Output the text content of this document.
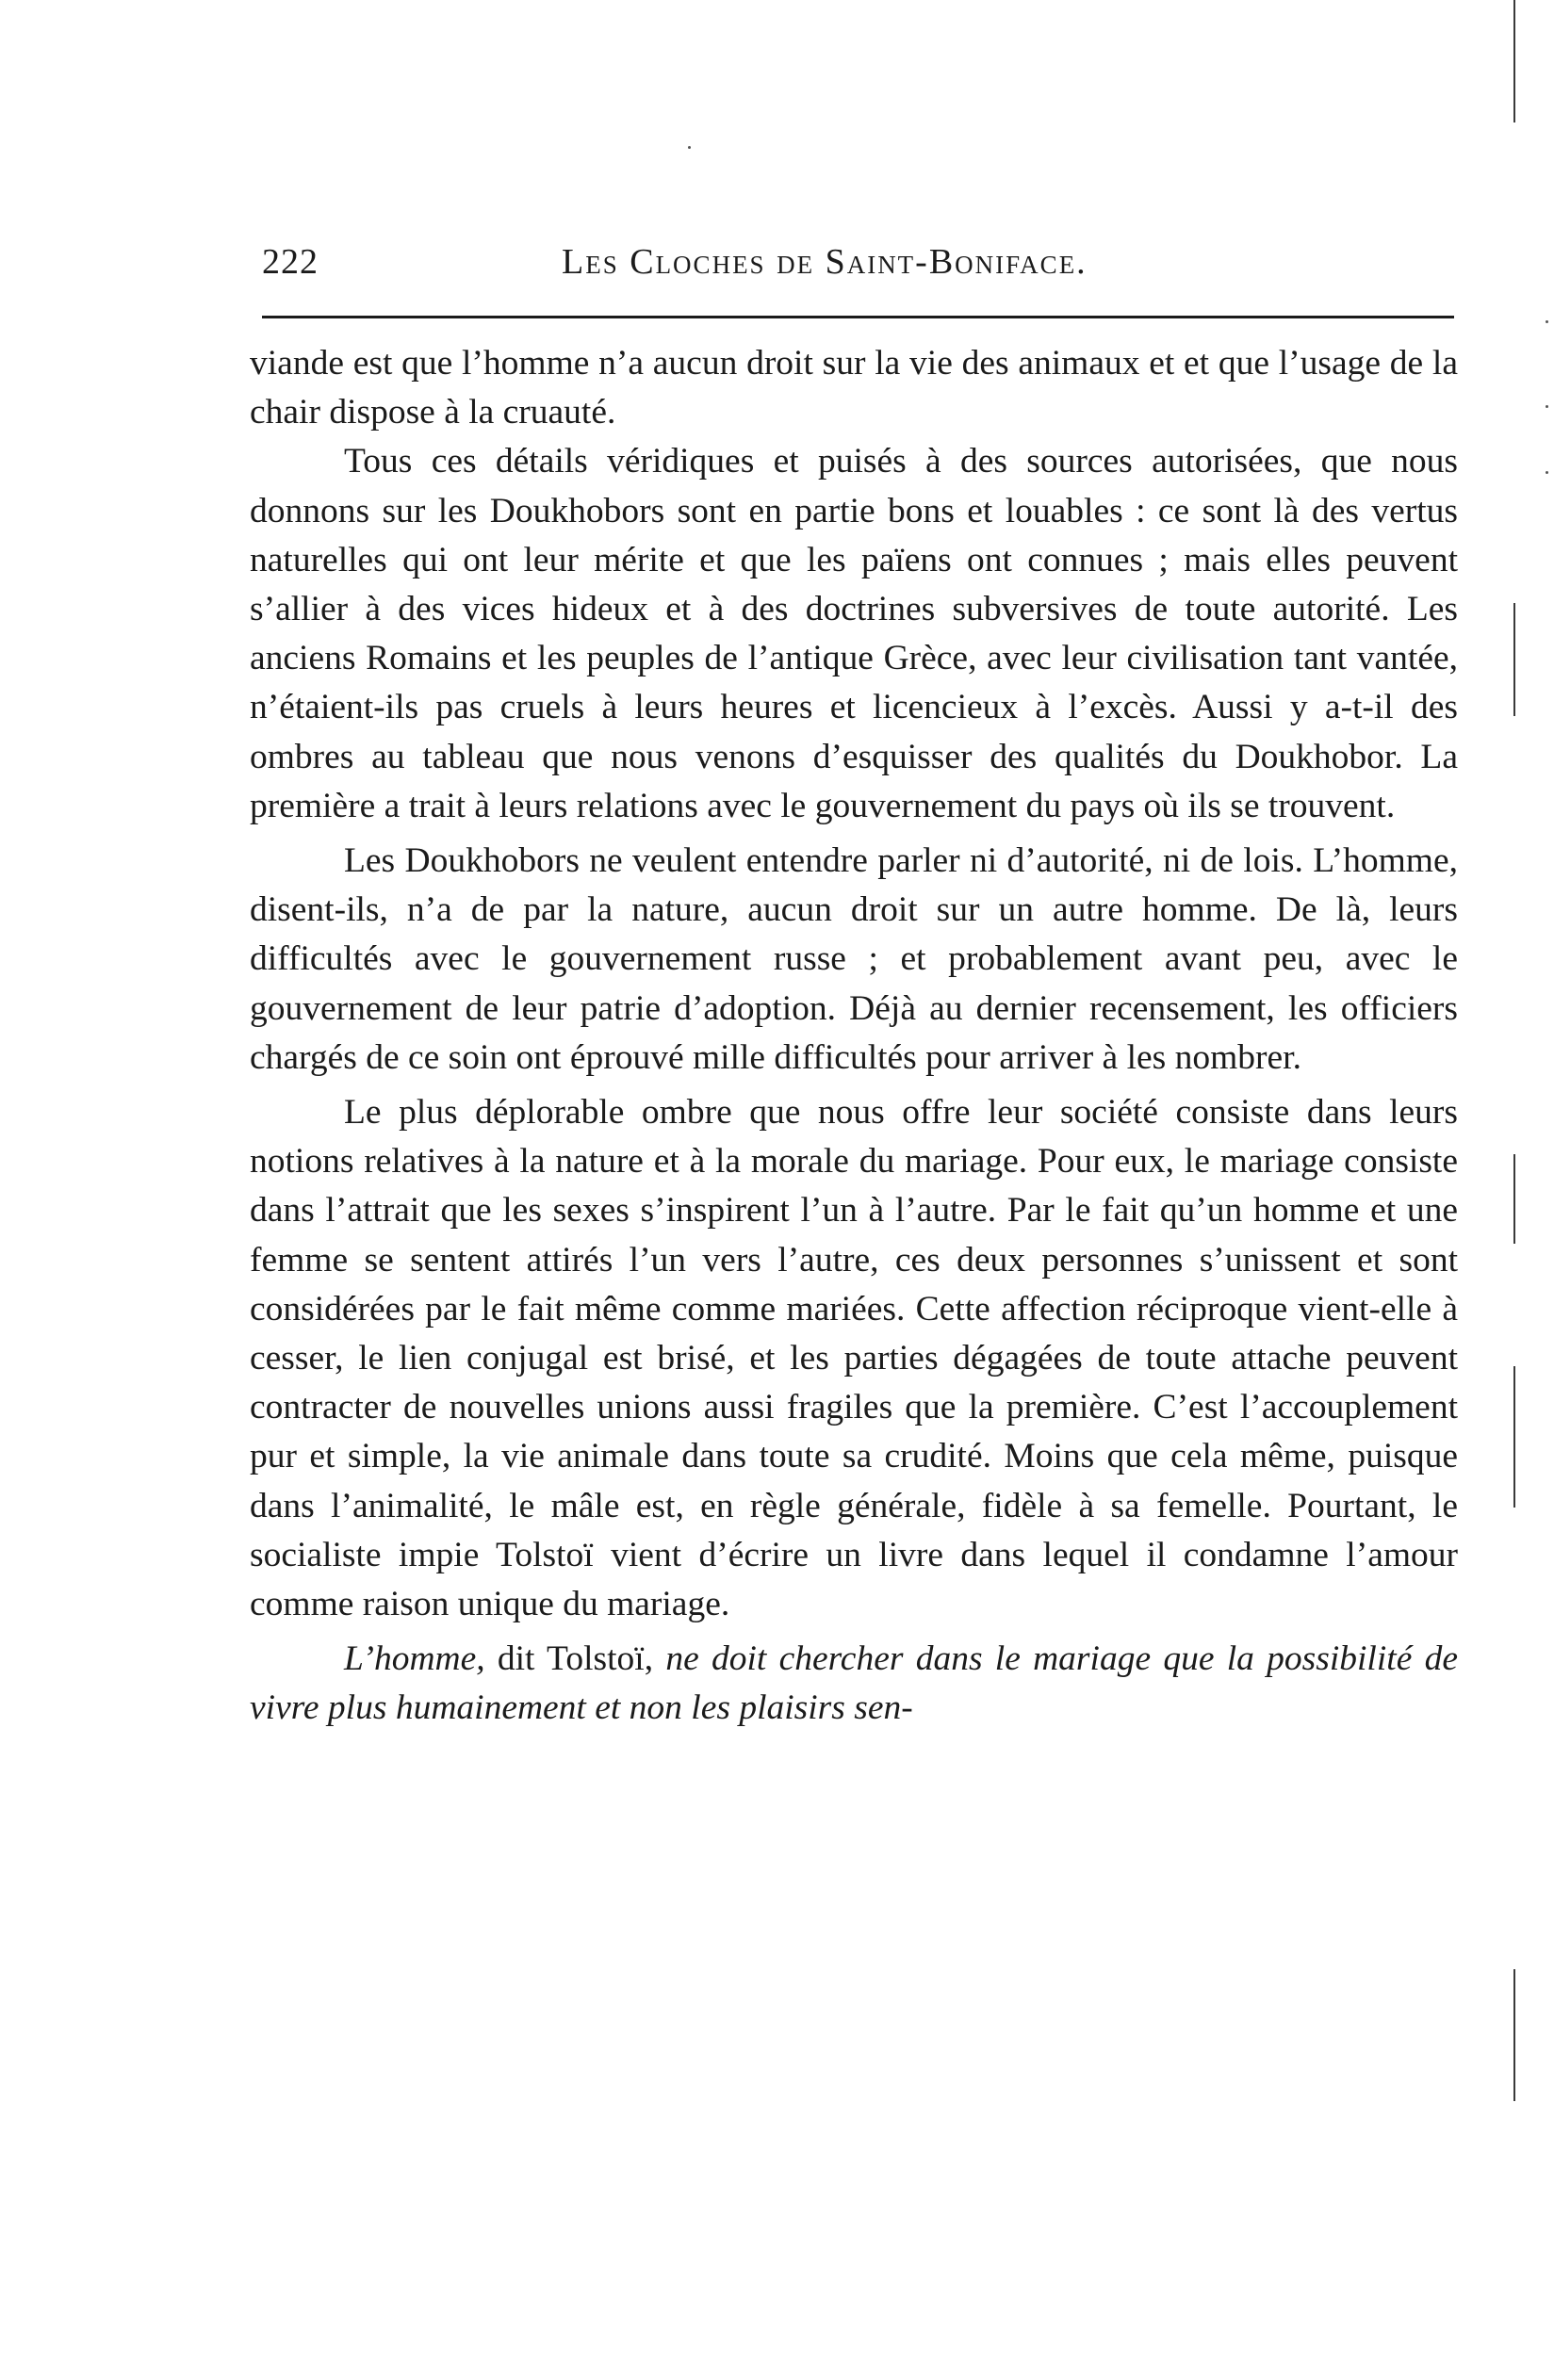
222	Les Cloches de Saint-Boniface.

viande est que l’homme n’a aucun droit sur la vie des animaux et et que l’usage de la chair dispose à la cruauté.

Tous ces détails véridiques et puisés à des sources autorisées, que nous donnons sur les Doukhobors sont en partie bons et louables : ce sont là des vertus naturelles qui ont leur mérite et que les païens ont connues ; mais elles peuvent s’allier à des vices hideux et à des doctrines subversives de toute autorité. Les anciens Romains et les peuples de l’antique Grèce, avec leur civilisation tant vantée, n’étaient-ils pas cruels à leurs heures et licencieux à l’excès. Aussi y a-t-il des ombres au tableau que nous venons d’esquisser des qualités du Doukhobor. La première a trait à leurs relations avec le gouvernement du pays où ils se trouvent.

Les Doukhobors ne veulent entendre parler ni d’autorité, ni de lois. L’homme, disent-ils, n’a de par la nature, aucun droit sur un autre homme. De là, leurs difficultés avec le gouvernement russe ; et probablement avant peu, avec le gouvernement de leur patrie d’adoption. Déjà au dernier recensement, les officiers chargés de ce soin ont éprouvé mille difficultés pour arriver à les nombrer.

Le plus déplorable ombre que nous offre leur société consiste dans leurs notions relatives à la nature et à la morale du mariage. Pour eux, le mariage consiste dans l’attrait que les sexes s’inspirent l’un à l’autre. Par le fait qu’un homme et une femme se sentent attirés l’un vers l’autre, ces deux personnes s’unissent et sont considérées par le fait même comme mariées. Cette affection réciproque vient-elle à cesser, le lien conjugal est brisé, et les parties dégagées de toute attache peuvent contracter de nouvelles unions aussi fragiles que la première. C’est l’accouplement pur et simple, la vie animale dans toute sa crudité. Moins que cela même, puisque dans l’animalité, le mâle est, en règle générale, fidèle à sa femelle. Pourtant, le socialiste impie Tolstoï vient d’écrire un livre dans lequel il condamne l’amour comme raison unique du mariage.

L’homme, dit Tolstoï, ne doit chercher dans le mariage que la possibilité de vivre plus humainement et non les plaisirs sen-
